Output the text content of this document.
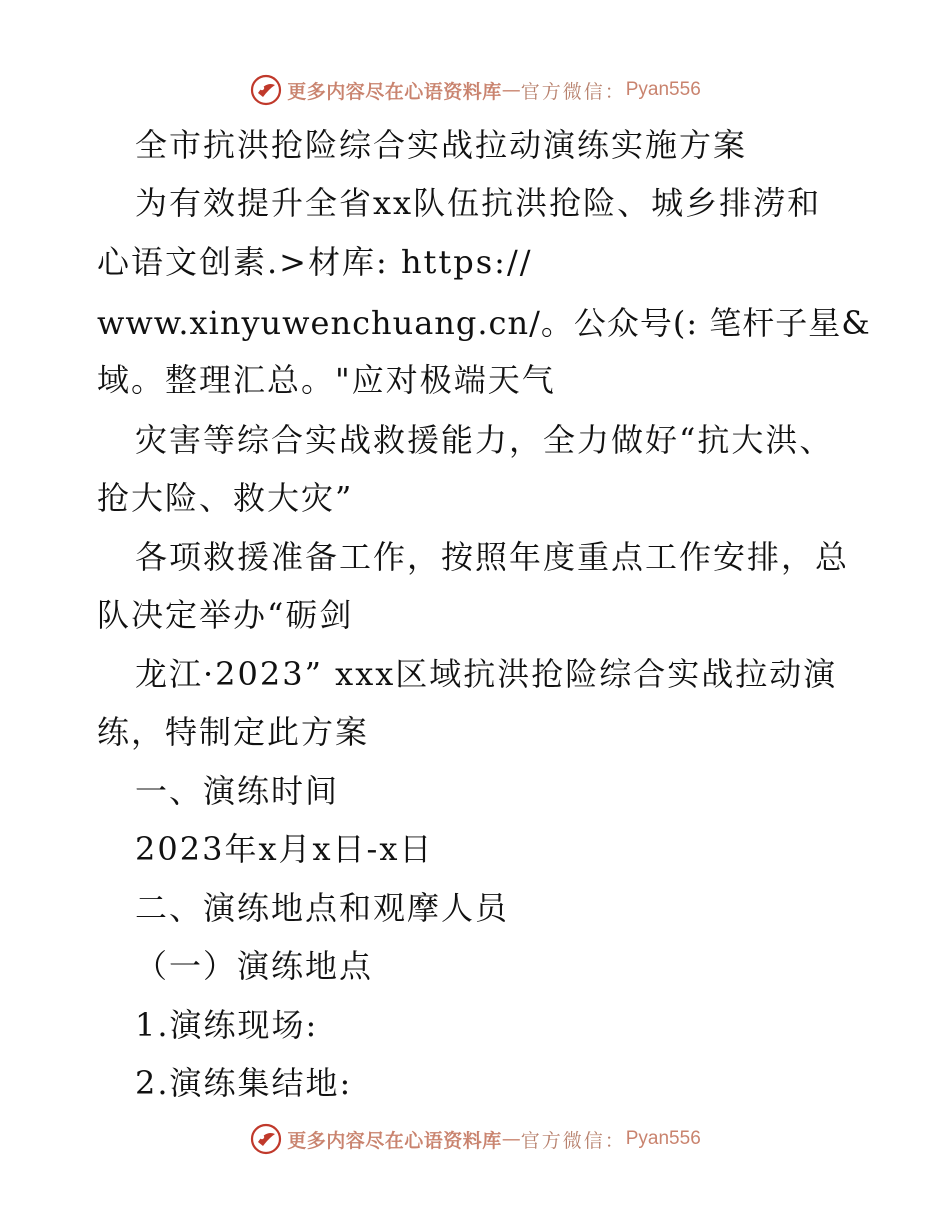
更多内容尽在心语资料库 — 官方微信： Pyan556
全市抗洪抢险综合实战拉动演练实施方案
为有效提升全省xx队伍抗洪抢险、城乡排涝和
心语文创素.>材库: https://
www.xinyuwenchuang.cn/。公众号(: 笔杆子星&
域。整理汇总。"应对极端天气
灾害等综合实战救援能力，全力做好“抗大洪、
抢大险、救大灾”
各项救援准备工作，按照年度重点工作安排，总
队决定举办“砺剑
龙江·2023” xxx区域抗洪抢险综合实战拉动演
练，特制定此方案
一、演练时间
2023年x月x日-x日
二、演练地点和观摩人员
（一）演练地点
1.演练现场:
2.演练集结地:
更多内容尽在心语资料库 — 官方微信： Pyan556
